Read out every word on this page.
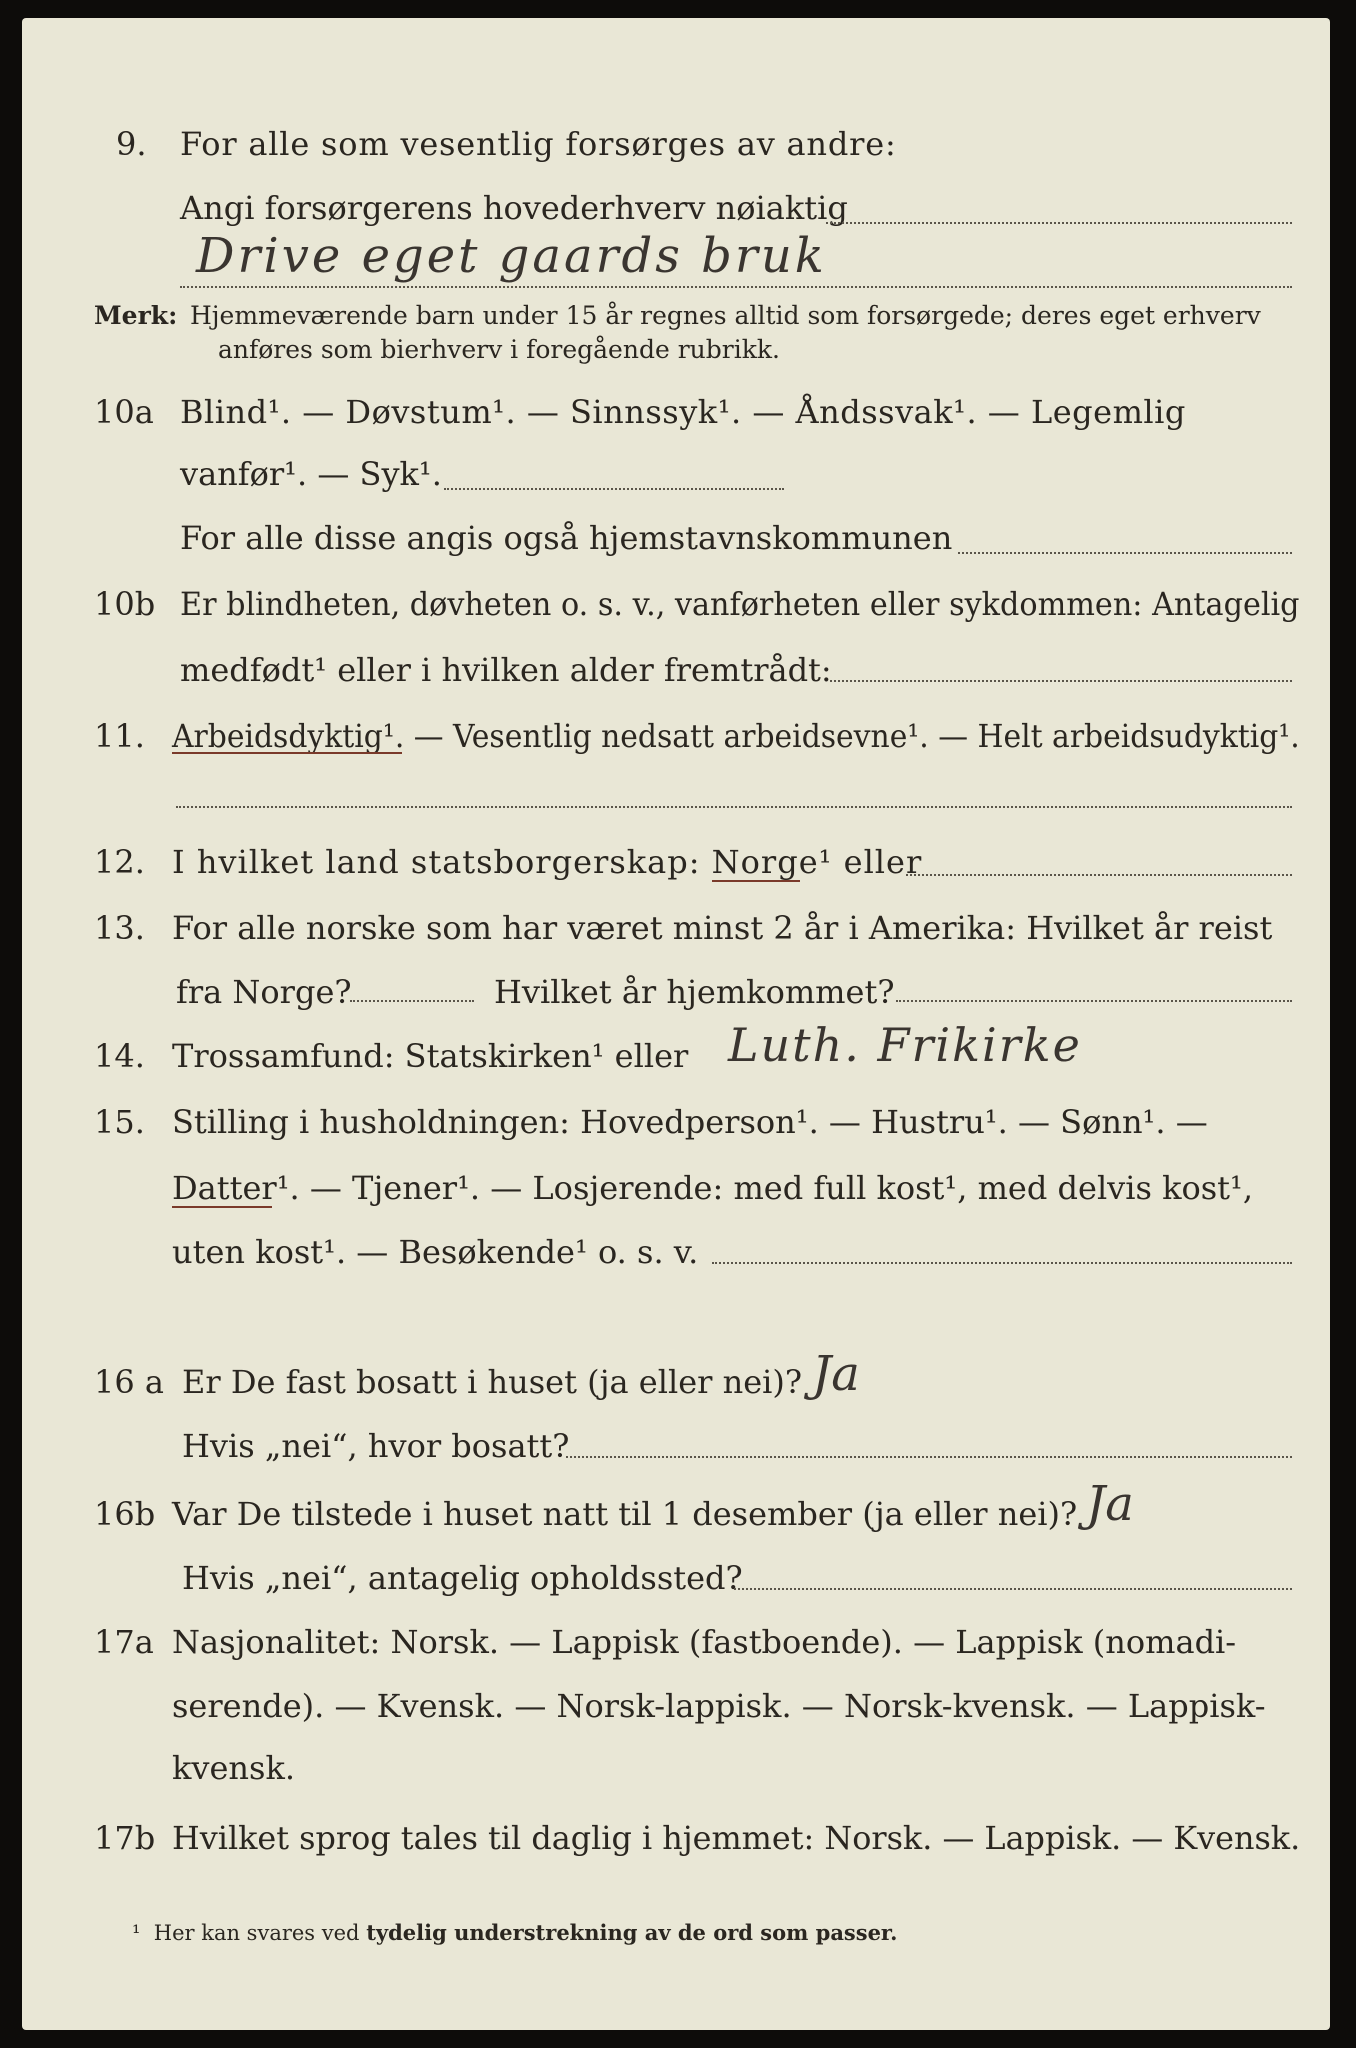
9. For alle som vesentlig forsørges av andre:
Angi forsørgerens hovederhverv nøiaktig
Drive eget gaards bruk
Merk: Hjemmeværende barn under 15 år regnes alltid som forsørgede; deres eget erhverv
anføres som bierhverv i foregående rubrikk.
10a Blind¹. — Døvstum¹. — Sinnssyk¹. — Åndssvak¹. — Legemlig
vanfør¹. — Syk¹.
For alle disse angis også hjemstavnskommunen
10b Er blindheten, døvheten o. s. v., vanførheten eller sykdommen: Antagelig
medfødt¹ eller i hvilken alder fremtrådt:
11. Arbeidsdyktig¹. — Vesentlig nedsatt arbeidsevne¹. — Helt arbeidsudyktig¹.
12. I hvilket land statsborgerskap: Norge¹ eller
13. For alle norske som har været minst 2 år i Amerika: Hvilket år reist
fra Norge?	Hvilket år hjemkommet?
14. Trossamfund: Statskirken¹ eller Luth. Frikirke
15. Stilling i husholdningen: Hovedperson¹. — Hustru¹. — Sønn¹. —
Datter¹. — Tjener¹. — Losjerende: med full kost¹, med delvis kost¹,
uten kost¹. — Besøkende¹ o. s. v.
16 a Er De fast bosatt i huset (ja eller nei)? Ja
Hvis „nei“, hvor bosatt?
16b Var De tilstede i huset natt til 1 desember (ja eller nei)? Ja
Hvis „nei“, antagelig opholdssted?
17a Nasjonalitet: Norsk. — Lappisk (fastboende). — Lappisk (nomadi-
serende). — Kvensk. — Norsk-lappisk. — Norsk-kvensk. — Lappisk-
kvensk.
17b Hvilket sprog tales til daglig i hjemmet: Norsk. — Lappisk. — Kvensk.
¹ Her kan svares ved tydelig understrekning av de ord som passer.
